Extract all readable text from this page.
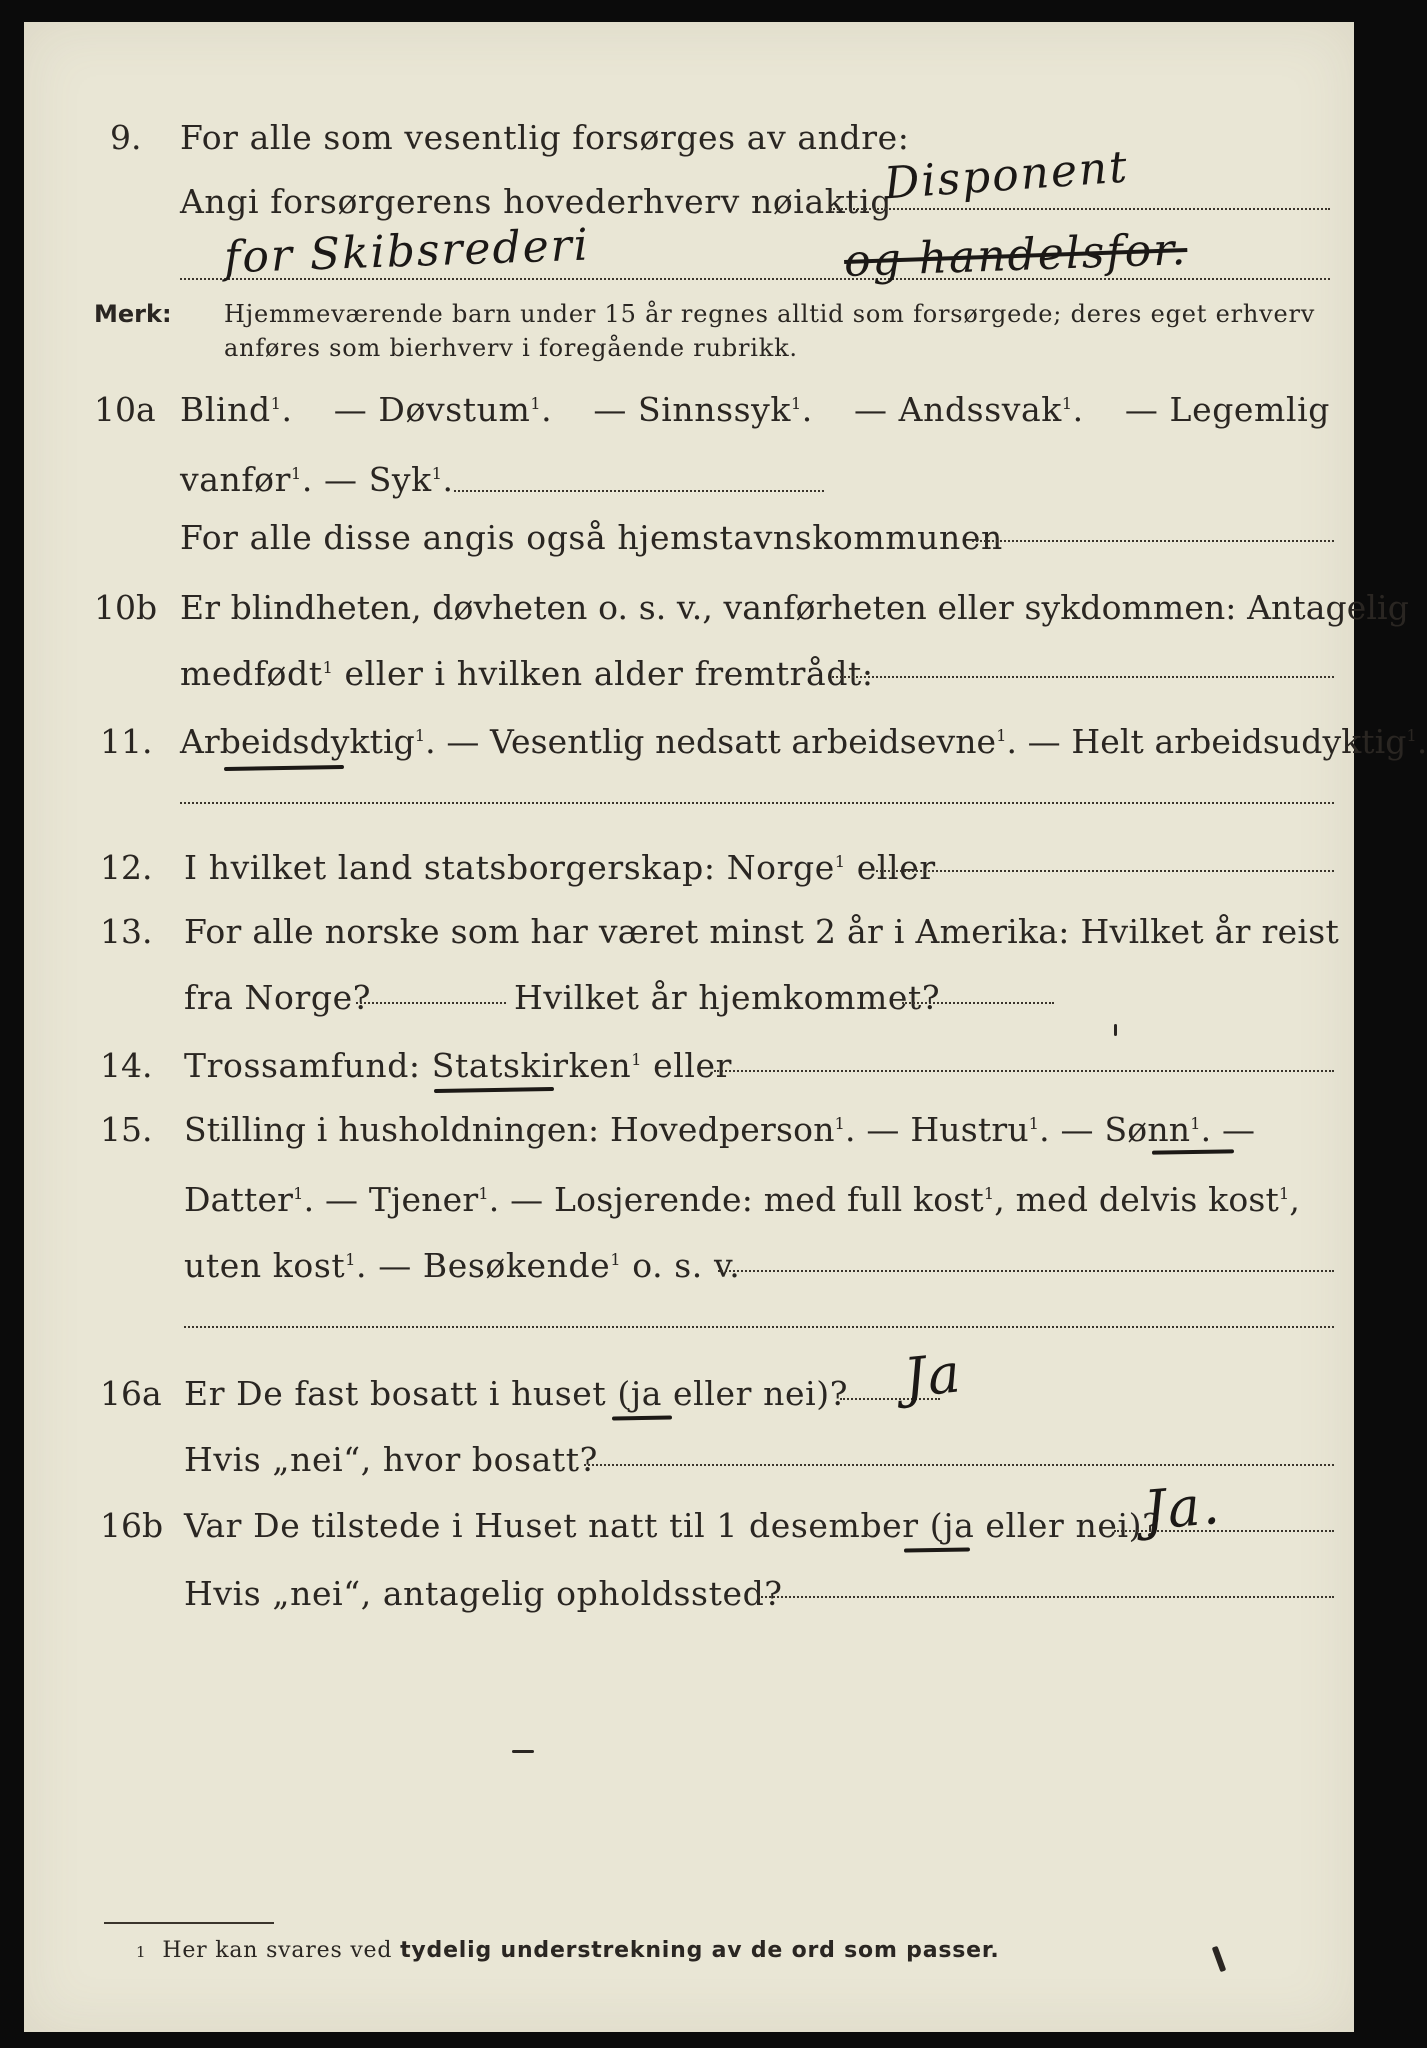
9. For alle som vesentlig forsørges av andre:
Angi forsørgerens hovederhverv nøiaktig
Disponent
for Skibsrederi	og handelsfor.
Merk: Hjemmeværende barn under 15 år regnes alltid som forsørgede; deres eget erhverv
anføres som bierhverv i foregående rubrikk.
10a Blind$^1$. — Døvstum$^1$. — Sinnssyk$^1$. — Andssvak$^1$. — Legemlig
vanfør$^1$. — Syk$^1$.
For alle disse angis også hjemstavnskommunen
10b Er blindheten, døvheten o. s. v., vanførheten eller sykdommen: Antagelig
medfødt$^1$ eller i hvilken alder fremtrådt:
11. Arbeidsdyktig$^1$. — Vesentlig nedsatt arbeidsevne$^1$. — Helt arbeidsudyktig$^1$.
12. I hvilket land statsborgerskap: Norge$^1$ eller
13. For alle norske som har været minst 2 år i Amerika: Hvilket år reist
fra Norge?	Hvilket år hjemkommet?
14. Trossamfund: Statskirken$^1$ eller
15. Stilling i husholdningen: Hovedperson$^1$. — Hustru$^1$. — Sønn$^1$. —
Datter$^1$. — Tjener$^1$. — Losjerende: med full kost$^1$, med delvis kost$^1$,
uten kost$^1$. — Besøkende$^1$ o. s. v.
16a Er De fast bosatt i huset (ja eller nei)? Ja
Hvis „nei“, hvor bosatt?
16b Var De tilstede i Huset natt til 1 desember (ja eller nei)?
Ja.
Hvis „nei“, antagelig opholdssted?
1 Her kan svares ved tydelig understrekning av de ord som passer.
